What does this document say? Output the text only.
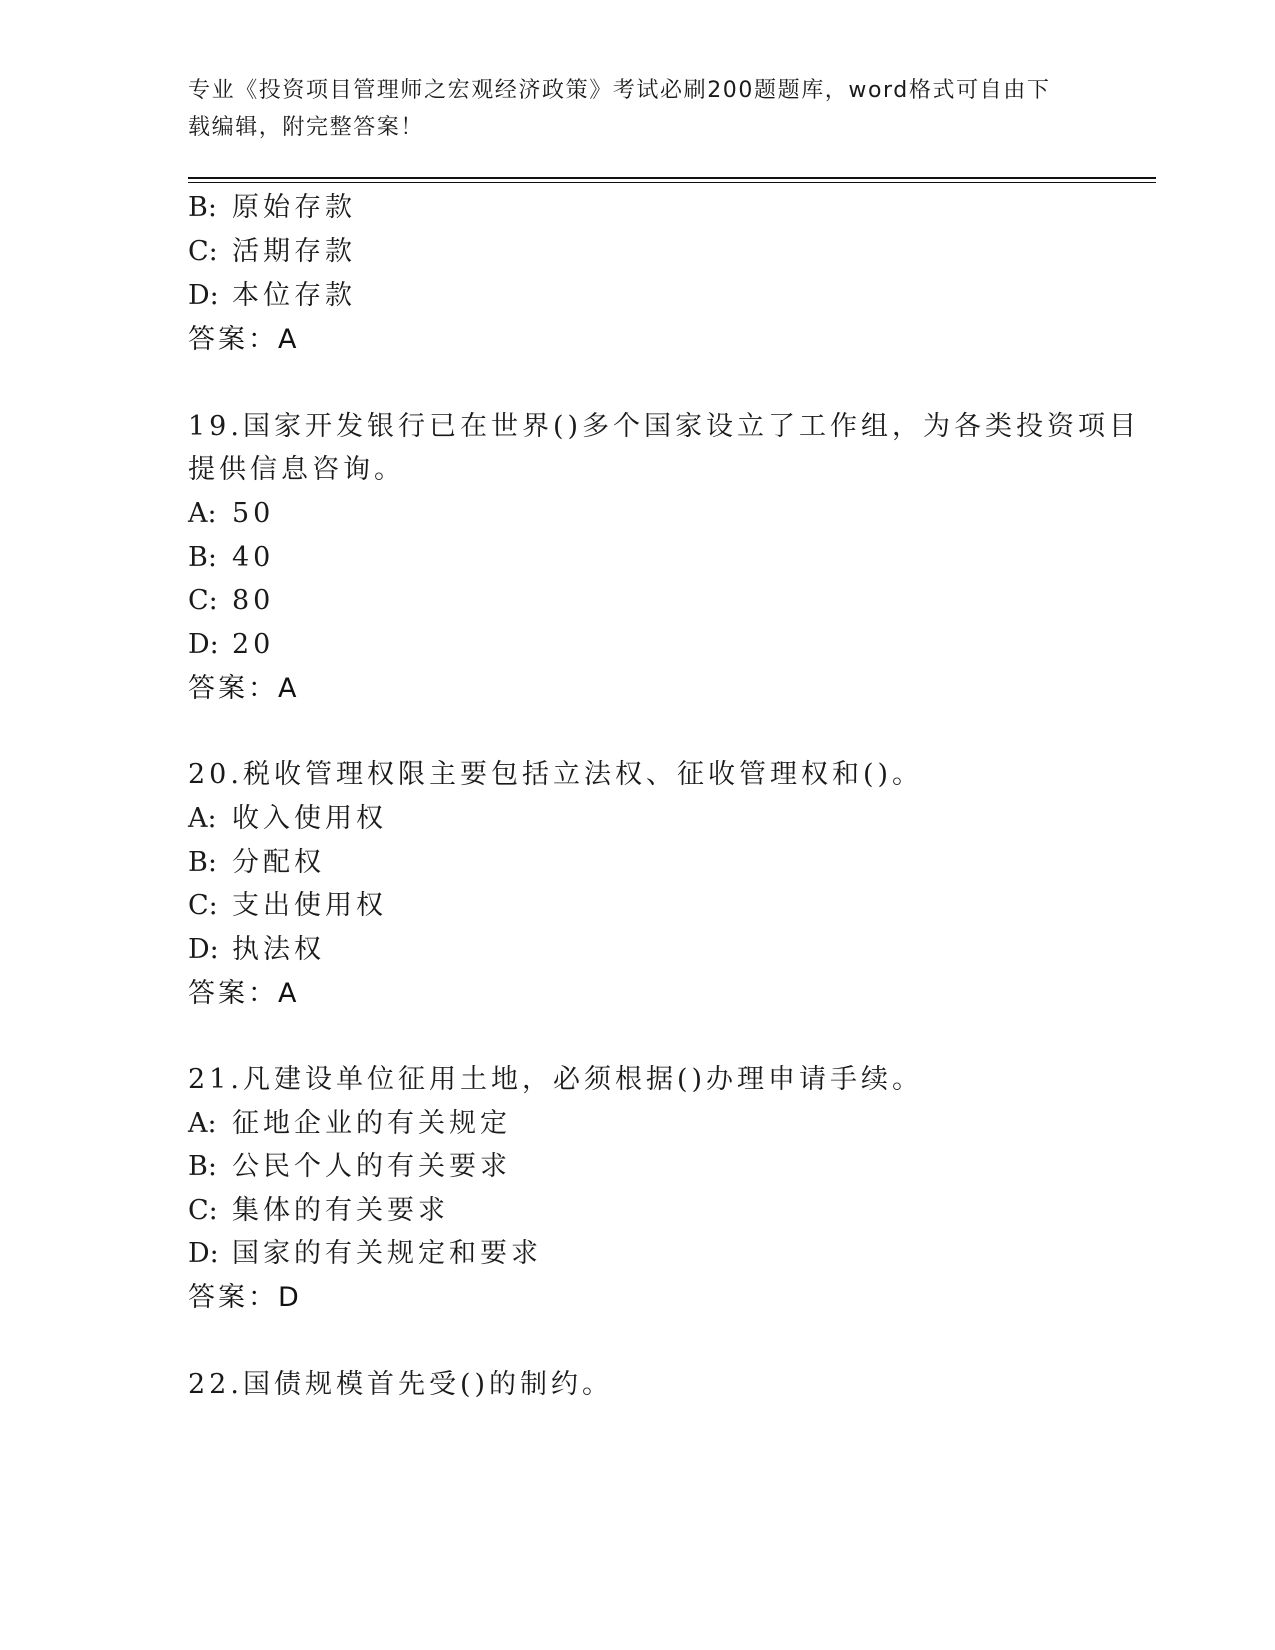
专业《投资项目管理师之宏观经济政策》考试必刷200题题库，word格式可自由下载编辑，附完整答案！
B: 原始存款
C: 活期存款
D: 本位存款
答案：A
19.国家开发银行已在世界()多个国家设立了工作组，为各类投资项目
提供信息咨询。
A: 50
B: 40
C: 80
D: 20
答案：A
20.税收管理权限主要包括立法权、征收管理权和()。
A: 收入使用权
B: 分配权
C: 支出使用权
D: 执法权
答案：A
21.凡建设单位征用土地，必须根据()办理申请手续。
A: 征地企业的有关规定
B: 公民个人的有关要求
C: 集体的有关要求
D: 国家的有关规定和要求
答案：D
22.国债规模首先受()的制约。
